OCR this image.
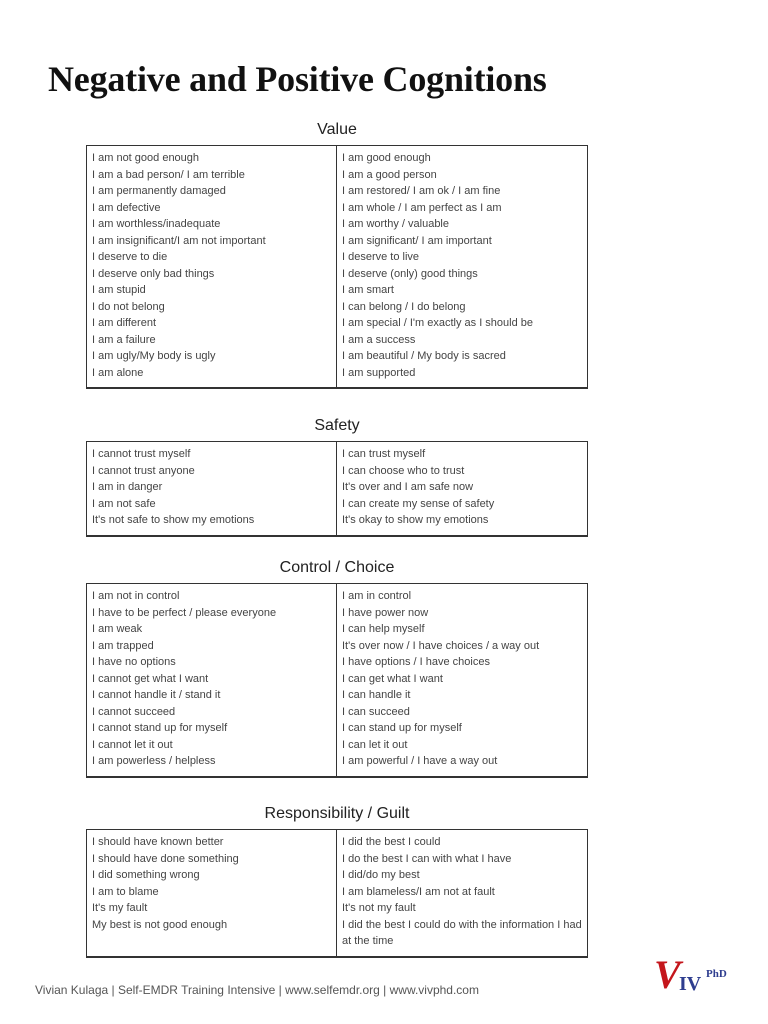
Negative and Positive Cognitions
Value
I am not good enough
I am a bad person/ I am terrible
I am permanently damaged
I am defective
I am worthless/inadequate
I am insignificant/I am not important
I deserve to die
I deserve only bad things
I am stupid
I do not belong
I am different
I am a failure
I am ugly/My body is ugly
I am alone
I am good enough
I am a good person
I am restored/ I am ok / I am fine
I am whole / I am perfect as I am
I am worthy / valuable
I am significant/ I am important
I deserve to live
I deserve (only) good things
I am smart
I can belong / I do belong
I am special / I'm exactly as I should be
I am a success
I am beautiful / My body is sacred
I am supported
Safety
I cannot trust myself
I cannot trust anyone
I am in danger
I am not safe
It's not safe to show my emotions
I can trust myself
I can choose who to trust
It's over and I am safe now
I can create my sense of safety
It's okay to show my emotions
Control / Choice
I am not in control
I have to be perfect / please everyone
I am weak
I am trapped
I have no options
I cannot get what I want
I cannot handle it / stand it
I cannot succeed
I cannot stand up for myself
I cannot let it out
I am powerless / helpless
I am in control
I have power now
I can help myself
It's over now / I have choices / a way out
I have options / I have choices
I can get what I want
I can handle it
I can succeed
I can stand up for myself
I can let it out
I am powerful / I have a way out
Responsibility / Guilt
I should have known better
I should have done something
I did something wrong
I am to blame
It's my fault
My best is not good enough
I did the best I could
I do the best I can with what I have
I did/do my best
I am blameless/I am not at fault
It's not my fault
I did the best I could do with the information I had at the time
Vivian Kulaga | Self-EMDR Training Intensive | www.selfemdr.org | www.vivphd.com	V
IV PhD
